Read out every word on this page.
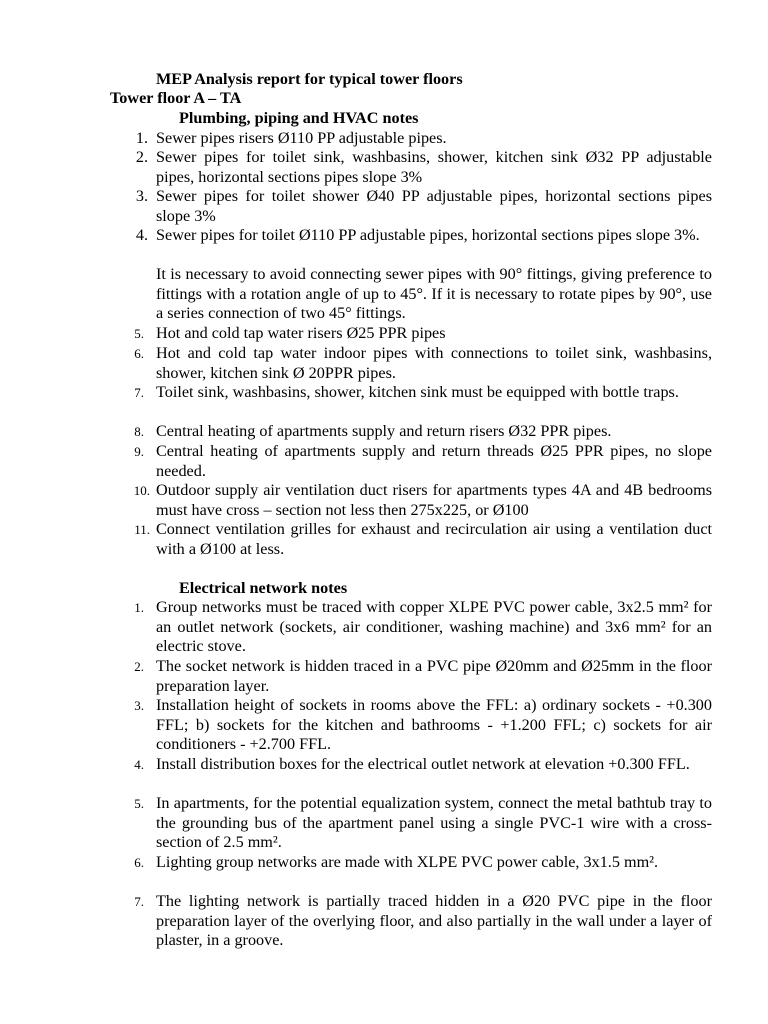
MEP Analysis report for typical tower floors
Tower floor A – TA
Plumbing, piping and HVAC notes
1. Sewer pipes risers Ø110 PP adjustable pipes.
2. Sewer pipes for toilet sink, washbasins, shower, kitchen sink Ø32 PP adjustable pipes, horizontal sections pipes slope 3%
3. Sewer pipes for toilet shower Ø40 PP adjustable pipes, horizontal sections pipes slope 3%
4. Sewer pipes for toilet Ø110 PP adjustable pipes, horizontal sections pipes slope 3%.
It is necessary to avoid connecting sewer pipes with 90° fittings, giving preference to fittings with a rotation angle of up to 45°. If it is necessary to rotate pipes by 90°, use a series connection of two 45° fittings.
5. Hot and cold tap water risers Ø25 PPR pipes
6. Hot and cold tap water indoor pipes with connections to toilet sink, washbasins, shower, kitchen sink Ø 20PPR pipes.
7. Toilet sink, washbasins, shower, kitchen sink must be equipped with bottle traps.
8. Central heating of apartments supply and return risers Ø32 PPR pipes.
9. Central heating of apartments supply and return threads Ø25 PPR pipes, no slope needed.
10. Outdoor supply air ventilation duct risers for apartments types 4A and 4B bedrooms must have cross – section not less then 275x225, or Ø100
11. Connect ventilation grilles for exhaust and recirculation air using a ventilation duct with a Ø100 at less.
Electrical network notes
1. Group networks must be traced with copper XLPE PVC power cable, 3x2.5 mm² for an outlet network (sockets, air conditioner, washing machine) and 3x6 mm² for an electric stove.
2. The socket network is hidden traced in a PVC pipe Ø20mm and Ø25mm in the floor preparation layer.
3. Installation height of sockets in rooms above the FFL: a) ordinary sockets - +0.300 FFL; b) sockets for the kitchen and bathrooms - +1.200 FFL; c) sockets for air conditioners - +2.700 FFL.
4. Install distribution boxes for the electrical outlet network at elevation +0.300 FFL.
5. In apartments, for the potential equalization system, connect the metal bathtub tray to the grounding bus of the apartment panel using a single PVC-1 wire with a cross-section of 2.5 mm².
6. Lighting group networks are made with XLPE PVC power cable, 3x1.5 mm².
7. The lighting network is partially traced hidden in a Ø20 PVC pipe in the floor preparation layer of the overlying floor, and also partially in the wall under a layer of plaster, in a groove.
